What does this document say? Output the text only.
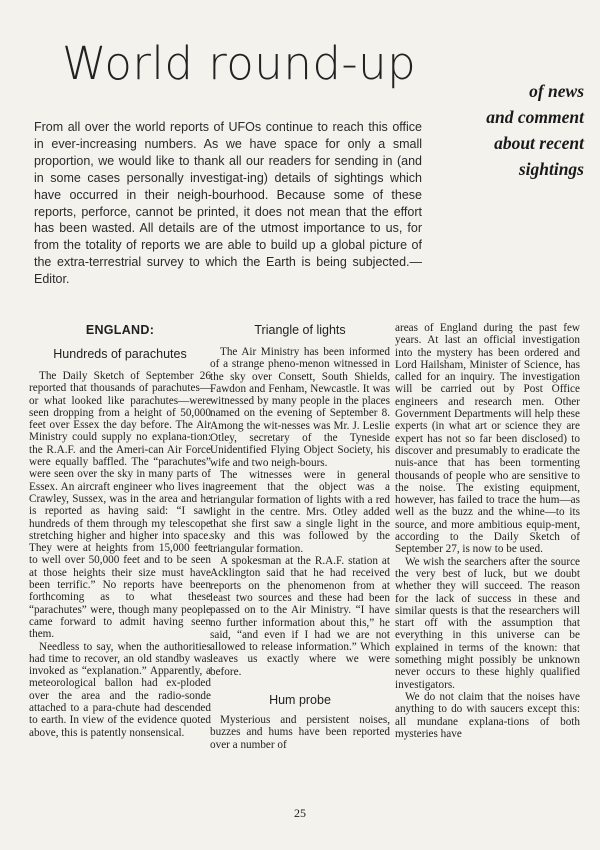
World round-up
of news
and comment
about recent
sightings
From all over the world reports of UFOs continue to reach this office in ever-increasing numbers. As we have space for only a small proportion, we would like to thank all our readers for sending in (and in some cases personally investigat-ing) details of sightings which have occurred in their neigh-bourhood. Because some of these reports, perforce, cannot be printed, it does not mean that the effort has been wasted. All details are of the utmost importance to us, for from the totality of reports we are able to build up a global picture of the extra-terrestrial survey to which the Earth is being subjected.—Editor.
ENGLAND:
Hundreds of parachutes

The Daily Sketch of September 26 reported that thousands of parachutes—or what looked like parachutes—were seen dropping from a height of 50,000 feet over Essex the day before. The Air Ministry could supply no explana-tion: the R.A.F. and the Ameri-can Air Force were equally baffled. The “parachutes” were seen over the sky in many parts of Essex. An aircraft engineer who lives in Crawley, Sussex, was in the area and he is reported as having said: “I saw hundreds of them through my telescope stretching higher and higher into space. They were at heights from 15,000 feet to well over 50,000 feet and to be seen at those heights their size must have been terrific.” No reports have been forthcoming as to what these “parachutes” were, though many people came forward to admit having seen them.

Needless to say, when the authorities had time to recover, an old standby was invoked as “explanation.” Apparently, a meteorological ballon had ex-ploded over the area and the radio-sonde attached to a para-chute had descended to earth. In view of the evidence quoted above, this is patently nonsensical.

Triangle of lights

The Air Ministry has been informed of a strange pheno-menon witnessed in the sky over Consett, South Shields, Fawdon and Fenham, Newcastle. It was witnessed by many people in the places named on the evening of September 8. Among the wit-nesses was Mr. J. Leslie Otley, secretary of the Tyneside Unidentified Flying Object Society, his wife and two neigh-bours.

The witnesses were in general agreement that the object was a triangular formation of lights with a red light in the centre. Mrs. Otley added that she first saw a single light in the sky and this was followed by the triangular formation.

A spokesman at the R.A.F. station at Acklington said that he had received reports on the phenomenon from at least two sources and these had been passed on to the Air Ministry. “I have no further information about this,” he said, “and even if I had we are not allowed to release information.” Which leaves us exactly where we were before.

Hum probe

Mysterious and persistent noises, buzzes and hums have been reported over a number of

areas of England during the past few years. At last an official investigation into the mystery has been ordered and Lord Hailsham, Minister of Science, has called for an inquiry. The investigation will be carried out by Post Office engineers and research men. Other Government Departments will help these experts (in what art or science they are expert has not so far been disclosed) to discover and presumably to eradicate the nuis-ance that has been tormenting thousands of people who are sensitive to the noise. The existing equipment, however, has failed to trace the hum—as well as the buzz and the whine—to its source, and more ambitious equip-ment, according to the Daily Sketch of September 27, is now to be used.

We wish the searchers after the source the very best of luck, but we doubt whether they will succeed. The reason for the lack of success in these and similar quests is that the researchers will start off with the assumption that everything in this universe can be explained in terms of the known: that something might possibly be unknown never occurs to these highly qualified investigators.

We do not claim that the noises have anything to do with saucers except this: all mundane explana-tions of both mysteries have

25
